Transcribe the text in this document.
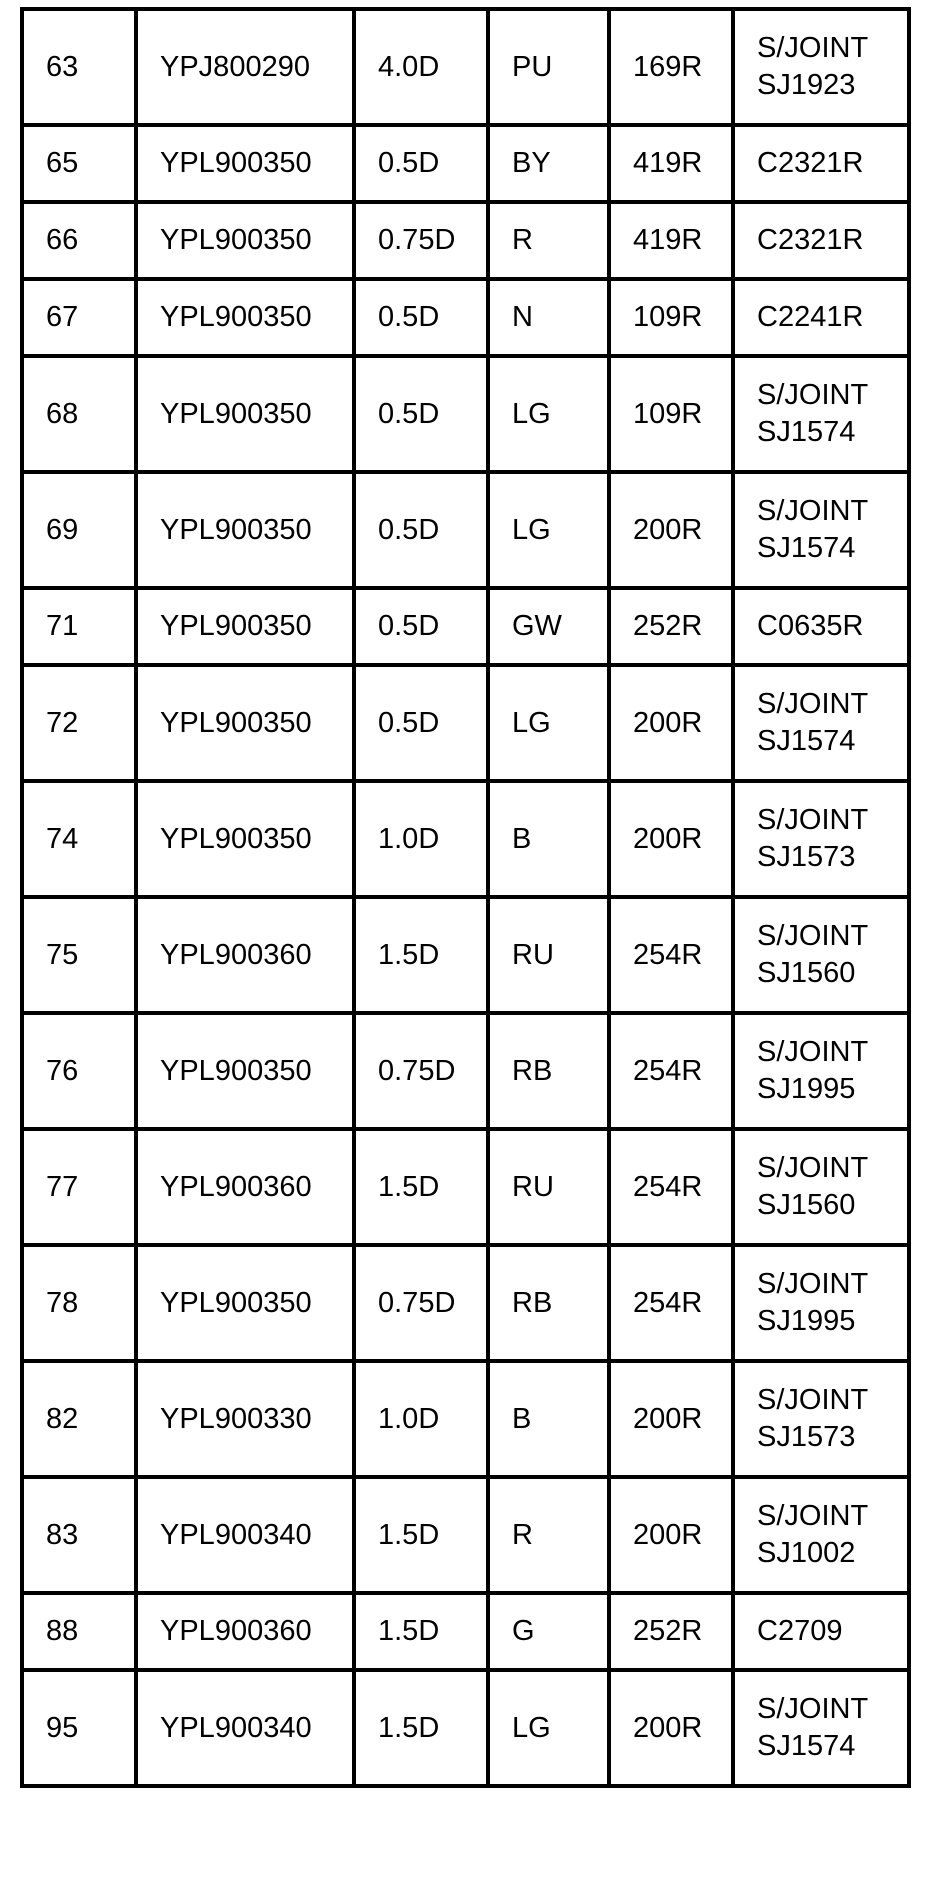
63	YPJ800290	4.0D	PU	169R	S/JOINT
SJ1923

65	YPL900350	0.5D	BY	419R	C2321R

66	YPL900350	0.75D	R	419R	C2321R

67	YPL900350	0.5D	N	109R	C2241R

68	YPL900350	0.5D	LG	109R	S/JOINT
SJ1574

69	YPL900350	0.5D	LG	200R	S/JOINT
SJ1574

71	YPL900350	0.5D	GW	252R	C0635R

72	YPL900350	0.5D	LG	200R	S/JOINT
SJ1574

74	YPL900350	1.0D	B	200R	S/JOINT
SJ1573

75	YPL900360	1.5D	RU	254R	S/JOINT
SJ1560

76	YPL900350	0.75D	RB	254R	S/JOINT
SJ1995

77	YPL900360	1.5D	RU	254R	S/JOINT
SJ1560

78	YPL900350	0.75D	RB	254R	S/JOINT
SJ1995

82	YPL900330	1.0D	B	200R	S/JOINT
SJ1573

83	YPL900340	1.5D	R	200R	S/JOINT
SJ1002

88	YPL900360	1.5D	G	252R	C2709

95	YPL900340	1.5D	LG	200R	S/JOINT
SJ1574
